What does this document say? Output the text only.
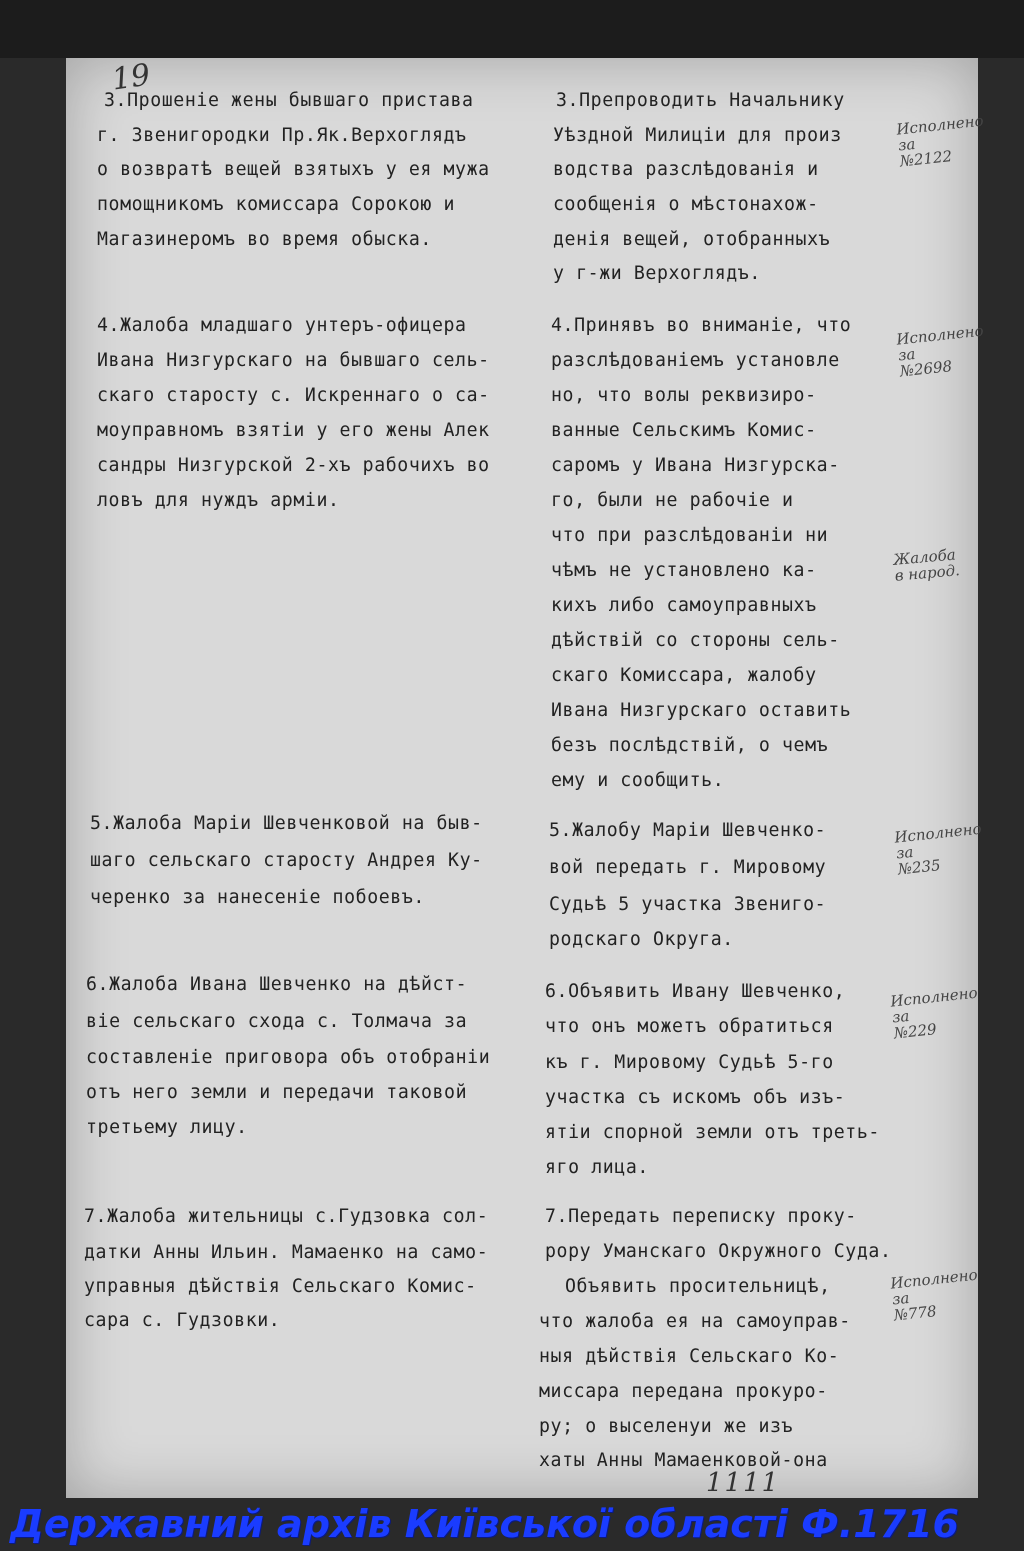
19
3.Прошеніе жены бывшаго пристава
г. Звенигородки Пр.Як.Верхоглядъ
о возвратѣ вещей взятыхъ у ея мужа
помощникомъ комиссара Сорокою и
Магазинеромъ во время обыска.
4.Жалоба младшаго унтеръ-офицера
Ивана Низгурскаго на бывшаго сель-
скаго старосту с. Искреннаго о са-
моуправномъ взятіи у его жены Алек
сандры Низгурской 2-хъ рабочихъ во
ловъ для нуждъ арміи.
5.Жалоба Маріи Шевченковой на быв-
шаго сельскаго старосту Андрея Ку-
черенко за нанесеніе побоевъ.
6.Жалоба Ивана Шевченко на дѣйст-
віе сельскаго схода с. Толмача за
составленіе приговора объ отобраніи
отъ него земли и передачи таковой
третьему лицу.
7.Жалоба жительницы с.Гудзовка сол-
датки Анны Ильин. Мамаенко на само-
управныя дѣйствія Сельскаго Комис-
сара с. Гудзовки.
3.Препроводить Начальнику
Уѣздной Милиціи для произ
водства разслѣдованія и
сообщенія о мѣстонахож-
денія вещей, отобранныхъ
у г-жи Верхоглядъ.
4.Принявъ во вниманіе, что
разслѣдованіемъ установле
но, что волы реквизиро-
ванные Сельскимъ Комис-
саромъ у Ивана Низгурска-
го, были не рабочіе и
что при разслѣдованіи ни
чѣмъ не установлено ка-
кихъ либо самоуправныхъ
дѣйствій со стороны сель-
скаго Комиссара, жалобу
Ивана Низгурскаго оставить
безъ послѣдствій, о чемъ
ему и сообщить.
5.Жалобу Маріи Шевченко-
вой передать г. Мировому
Судьѣ 5 участка Звениго-
родскаго Округа.
6.Объявить Ивану Шевченко,
что онъ можетъ обратиться
къ г. Мировому Судьѣ 5-го
участка съ искомъ объ изъ-
ятіи спорной земли отъ треть-
яго лица.
7.Передать переписку проку-
рору Уманскаго Окружного Суда.
Объявить просительницѣ,
что жалоба ея на самоуправ-
ныя дѣйствія Сельскаго Ко-
миссара передана прокуро-
ру; о выселенуи же изъ
хаты Анны Мамаенковой-она
Исполнено
за
№2122
Исполнено
за
№2698
Жалоба
в народ.
Исполнено
за
№235
Исполнено
за
№229
Исполнено
за
№778
1111
Державний архів Київської області Ф.1716
